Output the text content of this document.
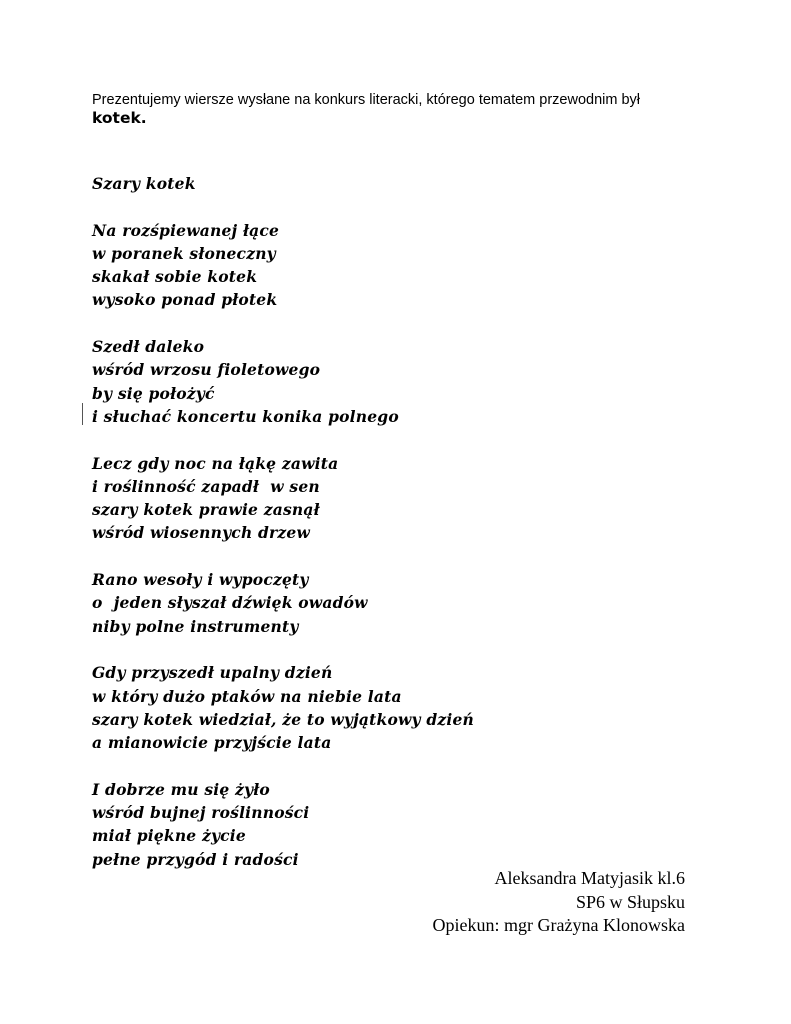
Prezentujemy wiersze wysłane na konkurs literacki, którego tematem przewodnim był
kotek.
Szary kotek
Na rozśpiewanej łące
w poranek słoneczny
skakał sobie kotek
wysoko ponad płotek
Szedł daleko
wśród wrzosu fioletowego
by się położyć
i słuchać koncertu konika polnego
Lecz gdy noc na łąkę zawita
i roślinność zapadł  w sen
szary kotek prawie zasnął
wśród wiosennych drzew
Rano wesoły i wypoczęty
o  jeden słyszał dźwięk owadów
niby polne instrumenty
Gdy przyszedł upalny dzień
w który dużo ptaków na niebie lata
szary kotek wiedział, że to wyjątkowy dzień
a mianowicie przyjście lata
I dobrze mu się żyło
wśród bujnej roślinności
miał piękne życie
pełne przygód i radości
Aleksandra Matyjasik kl.6
SP6 w Słupsku
Opiekun: mgr Grażyna Klonowska
